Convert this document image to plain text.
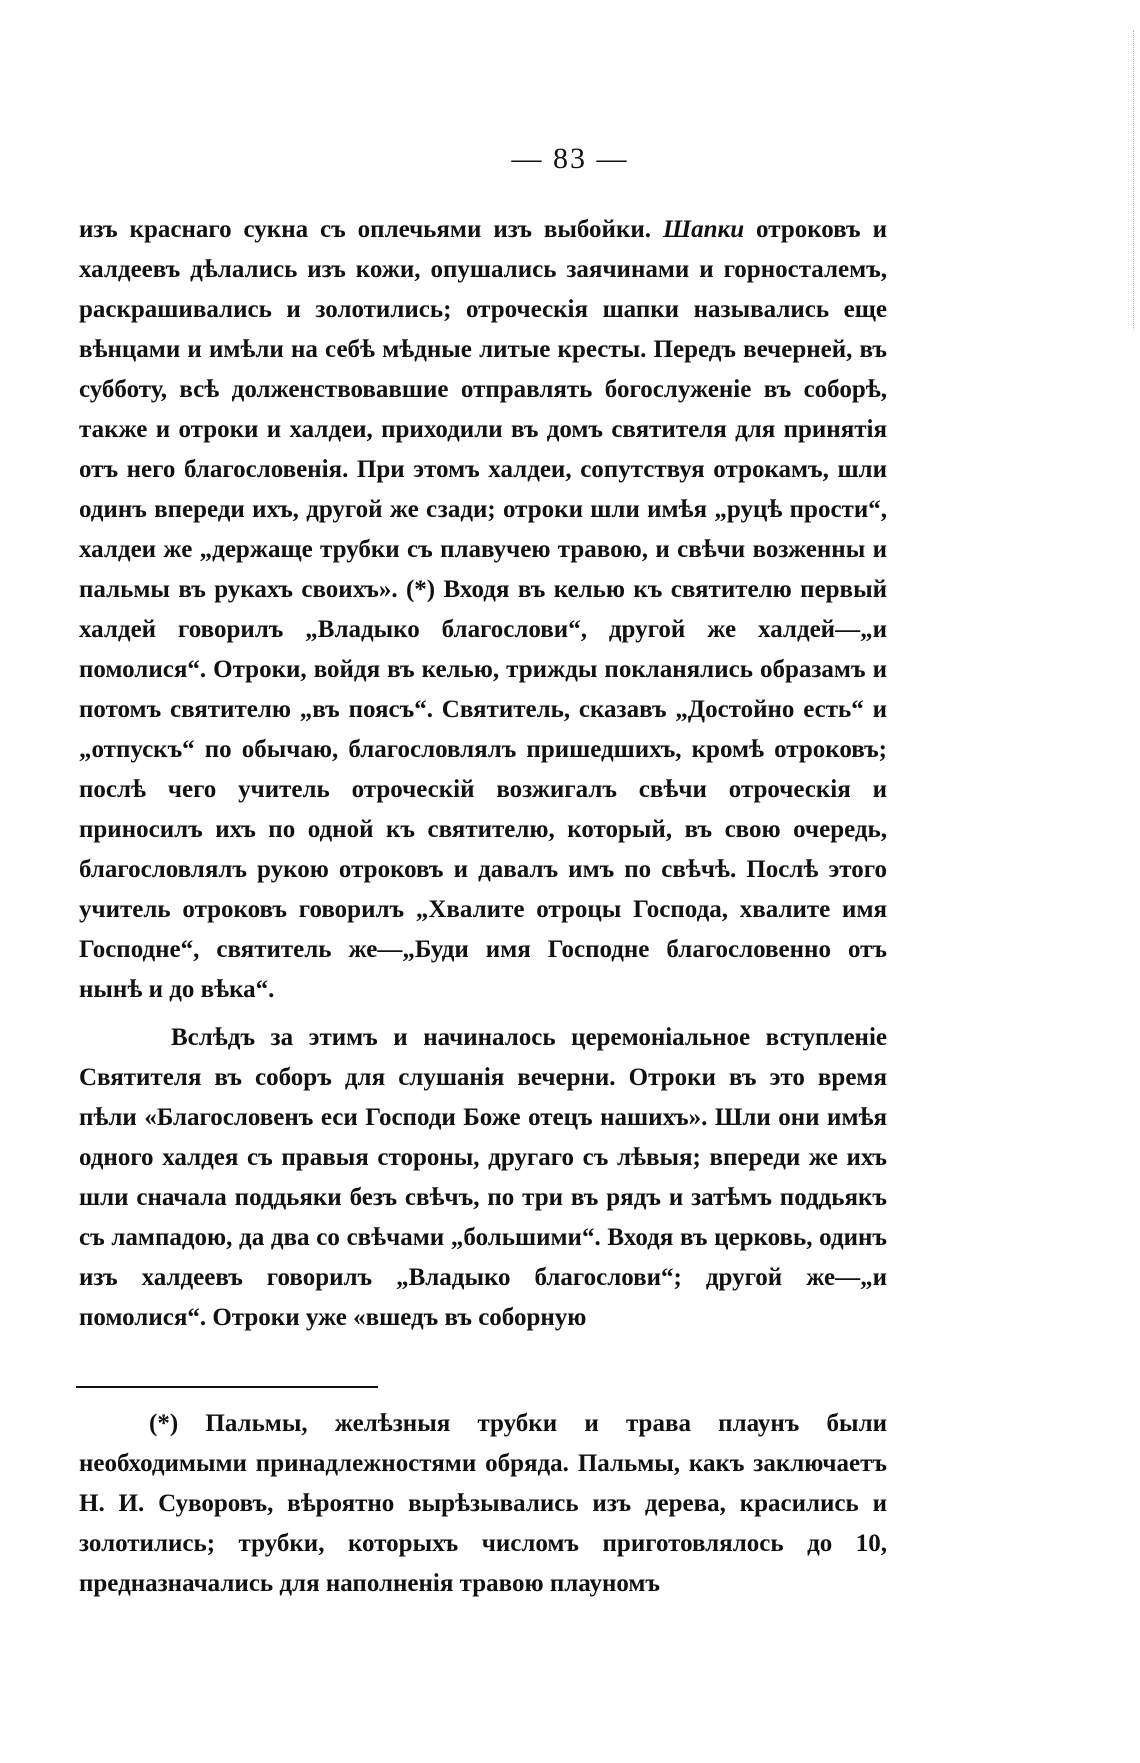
— 83 —

изъ краснаго сукна съ оплечьями изъ выбойки. Шапки отроковъ и халдеевъ дѣлались изъ кожи, опушались заячинами и горносталемъ, раскрашивались и золотились; отроческія шапки назывались еще вѣнцами и имѣли на себѣ мѣдные литые кресты. Передъ вечерней, въ субботу, всѣ долженствовавшие отправлять богослуженіе въ соборѣ, также и отроки и халдеи, приходили въ домъ святителя для принятія отъ него благословенія. При этомъ халдеи, сопутствуя отрокамъ, шли одинъ впереди ихъ, другой же сзади; отроки шли имѣя „руцѣ прости“, халдеи же „держаще трубки съ плавучею травою, и свѣчи возженны и пальмы въ рукахъ своихъ». (*) Входя въ келью къ святителю первый халдей говорилъ „Владыко благослови“, другой же халдей—„и помолися“. Отроки, войдя въ келью, трижды покланялись образамъ и потомъ святителю „въ поясъ“. Святитель, сказавъ „Достойно есть“ и „отпускъ“ по обычаю, благословлялъ пришедшихъ, кромѣ отроковъ; послѣ чего учитель отроческій возжигалъ свѣчи отроческія и приносилъ ихъ по одной къ святителю, который, въ свою очередь, благословлялъ рукою отроковъ и давалъ имъ по свѣчѣ. Послѣ этого учитель отроковъ говорилъ „Хвалите отроцы Господа, хвалите имя Господне“, святитель же—„Буди имя Господне благословенно отъ нынѣ и до вѣка“.

Вслѣдъ за этимъ и начиналось церемоніальное вступленіе Святителя въ соборъ для слушанія вечерни. Отроки въ это время пѣли «Благословенъ еси Господи Боже отецъ нашихъ». Шли они имѣя одного халдея съ правыя стороны, другаго съ лѣвыя; впереди же ихъ шли сначала поддьяки безъ свѣчъ, по три въ рядъ и затѣмъ поддьякъ съ лампадою, да два со свѣчами „большими“. Входя въ церковь, одинъ изъ халдеевъ говорилъ „Владыко благослови“; другой же—„и помолися“. Отроки уже «вшедъ въ соборную

(*) Пальмы, желѣзныя трубки и трава плаунъ были необходимыми принадлежностями обряда. Пальмы, какъ заключаетъ Н. И. Суворовъ, вѣроятно вырѣзывались изъ дерева, красились и золотились; трубки, которыхъ числомъ приготовлялось до 10, предназначались для наполненія травою плауномъ
